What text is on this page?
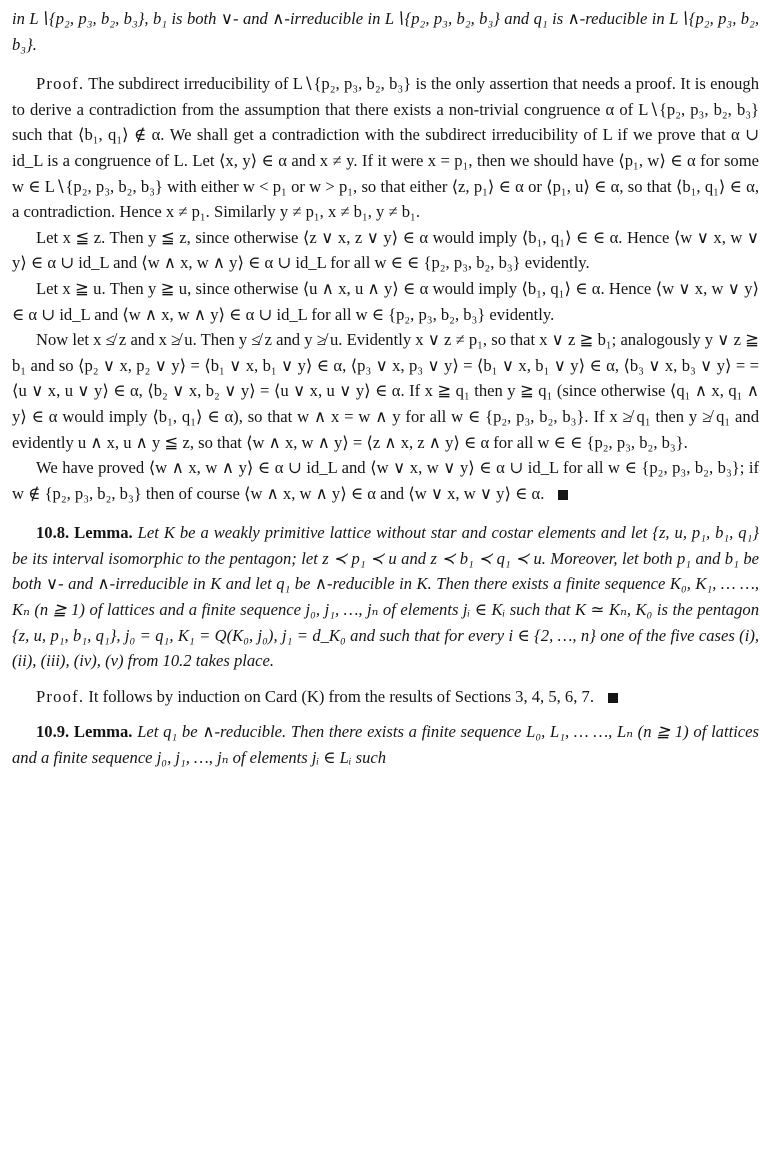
in L∖{p₂, p₃, b₂, b₃}, b₁ is both ∨- and ∧-irreducible in L∖{p₂, p₃, b₂, b₃} and q₁ is ∧-reducible in L∖{p₂, p₃, b₂, b₃}.

Proof. The subdirect irreducibility of L∖{p₂, p₃, b₂, b₃} is the only assertion that needs a proof. It is enough to derive a contradiction from the assumption that there exists a non-trivial congruence α of L∖{p₂, p₃, b₂, b₃} such that ⟨b₁, q₁⟩ ∉ α. We shall get a contradiction with the subdirect irreducibility of L if we prove that α ∪ id_L is a congruence of L. Let ⟨x, y⟩ ∈ α and x ≠ y. If it were x = p₁, then we should have ⟨p₁, w⟩ ∈ α for some w ∈ L∖{p₂, p₃, b₂, b₃} with either w < p₁ or w > p₁, so that either ⟨z, p₁⟩ ∈ α or ⟨p₁, u⟩ ∈ α, so that ⟨b₁, q₁⟩ ∈ α, a contradiction. Hence x ≠ p₁. Similarly y ≠ p₁, x ≠ b₁, y ≠ b₁.

Let x ≦ z. Then y ≦ z, since otherwise ⟨z ∨ x, z ∨ y⟩ ∈ α would imply ⟨b₁, q₁⟩ ∈ ∈ α. Hence ⟨w ∨ x, w ∨ y⟩ ∈ α ∪ id_L and ⟨w ∧ x, w ∧ y⟩ ∈ α ∪ id_L for all w ∈ ∈ {p₂, p₃, b₂, b₃} evidently.

Let x ≧ u. Then y ≧ u, since otherwise ⟨u ∧ x, u ∧ y⟩ ∈ α would imply ⟨b₁, q₁⟩ ∈ α. Hence ⟨w ∨ x, w ∨ y⟩ ∈ α ∪ id_L and ⟨w ∧ x, w ∧ y⟩ ∈ α ∪ id_L for all w ∈ {p₂, p₃, b₂, b₃} evidently.

Now let x ≰ z and x ≱ u. Then y ≰ z and y ≱ u. Evidently x ∨ z ≠ p₁, so that x ∨ z ≧ b₁; analogously y ∨ z ≧ b₁ and so ⟨p₂ ∨ x, p₂ ∨ y⟩ = ⟨b₁ ∨ x, b₁ ∨ y⟩ ∈ α, ⟨p₃ ∨ x, p₃ ∨ y⟩ = ⟨b₁ ∨ x, b₁ ∨ y⟩ ∈ α, ⟨b₃ ∨ x, b₃ ∨ y⟩ = = ⟨u ∨ x, u ∨ y⟩ ∈ α, ⟨b₂ ∨ x, b₂ ∨ y⟩ = ⟨u ∨ x, u ∨ y⟩ ∈ α. If x ≧ q₁ then y ≧ q₁ (since otherwise ⟨q₁ ∧ x, q₁ ∧ y⟩ ∈ α would imply ⟨b₁, q₁⟩ ∈ α), so that w ∧ x = w ∧ y for all w ∈ {p₂, p₃, b₂, b₃}. If x ≱ q₁ then y ≱ q₁ and evidently u ∧ x, u ∧ y ≦ z, so that ⟨w ∧ x, w ∧ y⟩ = ⟨z ∧ x, z ∧ y⟩ ∈ α for all w ∈ ∈ {p₂, p₃, b₂, b₃}.

We have proved ⟨w ∧ x, w ∧ y⟩ ∈ α ∪ id_L and ⟨w ∨ x, w ∨ y⟩ ∈ α ∪ id_L for all w ∈ {p₂, p₃, b₂, b₃}; if w ∉ {p₂, p₃, b₂, b₃} then of course ⟨w ∧ x, w ∧ y⟩ ∈ α and ⟨w ∨ x, w ∨ y⟩ ∈ α.

10.8. Lemma. Let K be a weakly primitive lattice without star and costar elements and let {z, u, p₁, b₁, q₁} be its interval isomorphic to the pentagon; let z ≺ p₁ ≺ u and z ≺ b₁ ≺ q₁ ≺ u. Moreover, let both p₁ and b₁ be both ∨- and ∧-irreducible in K and let q₁ be ∧-reducible in K. Then there exists a finite sequence K₀, K₁, … …, Kₙ (n ≧ 1) of lattices and a finite sequence j₀, j₁, …, jₙ of elements jᵢ ∈ Kᵢ such that K ≃ Kₙ, K₀ is the pentagon {z, u, p₁, b₁, q₁}, j₀ = q₁, K₁ = Q(K₀, j₀), j₁ = d_K₀ and such that for every i ∈ {2, …, n} one of the five cases (i), (ii), (iii), (iv), (v) from 10.2 takes place.

Proof. It follows by induction on Card (K) from the results of Sections 3, 4, 5, 6, 7.

10.9. Lemma. Let q₁ be ∧-reducible. Then there exists a finite sequence L₀, L₁, … …, Lₙ (n ≧ 1) of lattices and a finite sequence j₀, j₁, …, jₙ of elements jᵢ ∈ Lᵢ such
